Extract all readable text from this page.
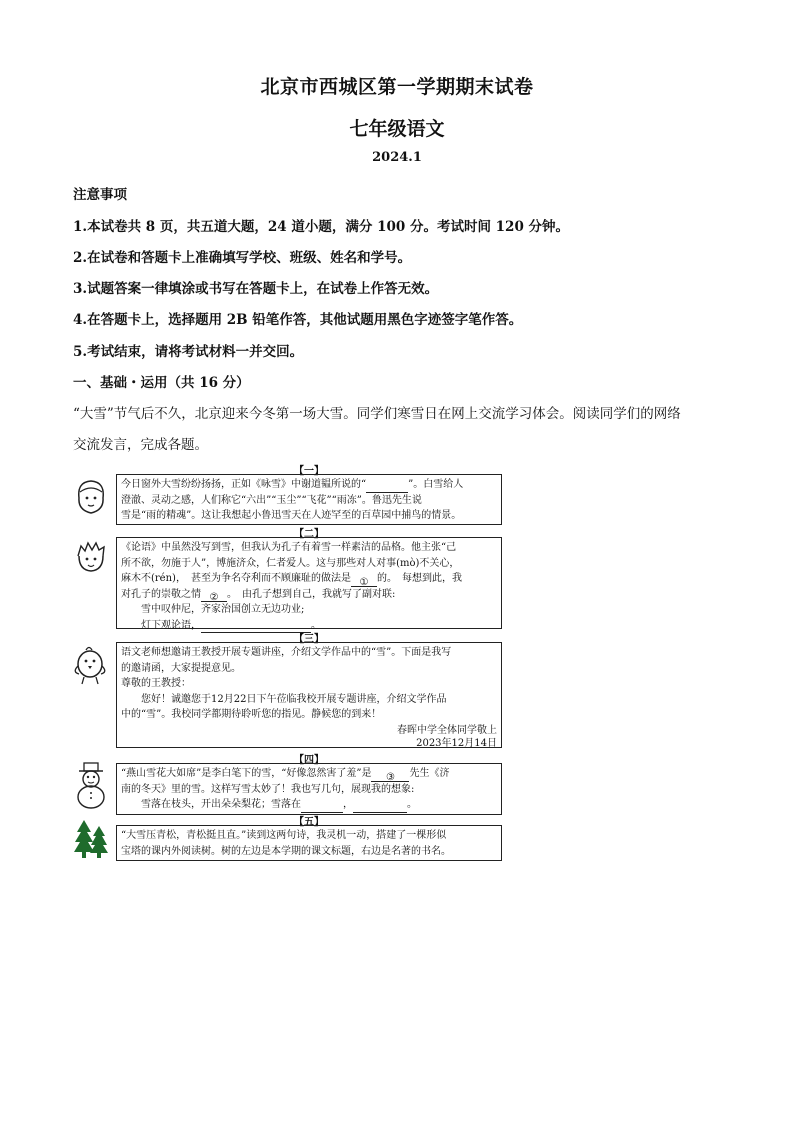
北京市西城区第一学期期末试卷
七年级语文
2024.1
注意事项
1.本试卷共 8 页，共五道大题，24 道小题，满分 100 分。考试时间 120 分钟。
2.在试卷和答题卡上准确填写学校、班级、姓名和学号。
3.试题答案一律填涂或书写在答题卡上，在试卷上作答无效。
4.在答题卡上，选择题用 2B 铅笔作答，其他试题用黑色字迹签字笔作答。
5.考试结束，请将考试材料一并交回。
一、基础・运用（共 16 分）
“大雪”节气后不久，北京迎来今冬第一场大雪。同学们寒雪日在网上交流学习体会。阅读同学们的网络
交流发言，完成各题。
【一】
今日窗外大雪纷纷扬扬，正如《咏雪》中谢道韫所说的“	”。白雪给人
澄澈、灵动之感，人们称它“六出”“玉尘”“飞花”“雨冻”。鲁迅先生说
雪是“雨的精魂”。这让我想起小鲁迅雪天在人迹罕至的百草园中捕鸟的情景。
【二】
《论语》中虽然没写到雪，但我认为孔子有着雪一样素洁的品格。他主张“己
所不欲，勿施于人”，博施济众，仁者爱人。这与那些对人对事(mò)不关心，
麻木不(rén)，　甚至为争名夺利而不顾廉耻的做法是 ① 的。　每想到此，我
对孔子的崇敬之情 ② 。　由孔子想到自己，我就写了副对联:
雪中叹仲尼，齐家治国创立无边功业;
灯下观论语，	。
【三】
语文老师想邀请王教授开展专题讲座，介绍文学作品中的“雪”。下面是我写
的邀请函，大家提提意见。
尊敬的王教授：
您好！诚邀您于12月22日下午莅临我校开展专题讲座，介绍文学作品
中的“雪”。我校同学都期待聆听您的指见。静候您的到来！
春晖中学全体同学敬上
2023年12月14日
【四】
“燕山雪花大如席”是李白笔下的雪，“好像忽然害了羞”是 ③ 先生《济
南的冬天》里的雪。这样写雪太妙了！我也写几句，展现我的想象:
雪落在枝头，开出朵朵梨花；雪落在	，	。
【五】
“大雪压青松，青松挺且直。”读到这两句诗，我灵机一动，搭建了一棵形似
宝塔的课内外阅读树。树的左边是本学期的课文标题，右边是名著的书名。
